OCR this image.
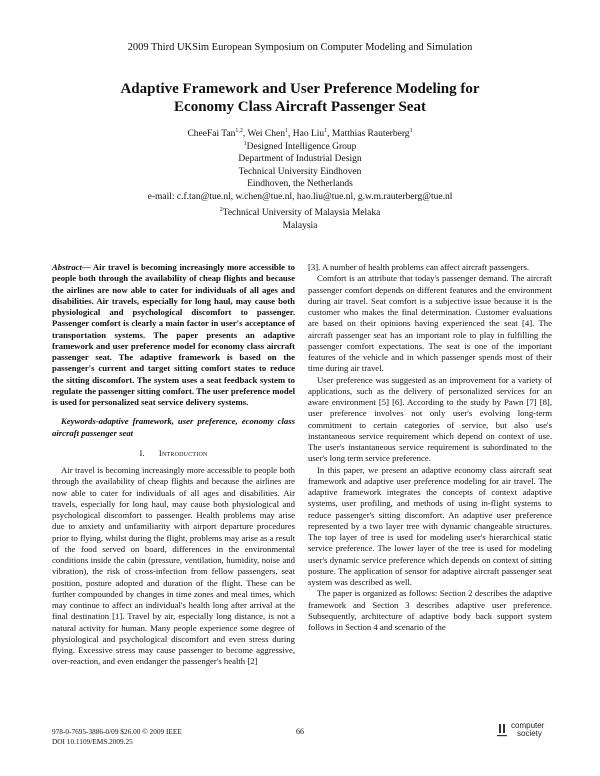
2009 Third UKSim European Symposium on Computer Modeling and Simulation
Adaptive Framework and User Preference Modeling for
Economy Class Aircraft Passenger Seat
CheeFai Tan$^{1,2}$, Wei Chen$^1$, Hao Liu$^1$, Matthias Rauterberg$^1$
$^1$Designed Intelligence Group
Department of Industrial Design
Technical University Eindhoven
Eindhoven, the Netherlands
e-mail: c.f.tan@tue.nl, w.chen@tue.nl, hao.liu@tue.nl, g.w.m.rauterberg@tue.nl
$^2$Technical University of Malaysia Melaka
Malaysia

Abstract— Air travel is becoming increasingly more accessible to people both through the availability of cheap flights and because the airlines are now able to cater for individuals of all ages and disabilities. Air travels, especially for long haul, may cause both physiological and psychological discomfort to passenger. Passenger comfort is clearly a main factor in user's acceptance of transportation systems. The paper presents an adaptive framework and user preference model for economy class aircraft passenger seat. The adaptive framework is based on the passenger's current and target sitting comfort states to reduce the sitting discomfort. The system uses a seat feedback system to regulate the passenger sitting comfort. The user preference model is used for personalized seat service delivery systems.

Keywords-adaptive framework, user preference, economy class aircraft passenger seat

I. Introduction

Air travel is becoming increasingly more accessible to people both through the availability of cheap flights and because the airlines are now able to cater for individuals of all ages and disabilities. Air travels, especially for long haul, may cause both physiological and psychological discomfort to passenger. Health problems may arise due to anxiety and unfamiliarity with airport departure procedures prior to flying, whilst during the flight, problems may arise as a result of the food served on board, differences in the environmental conditions inside the cabin (pressure, ventilation, humidity, noise and vibration), the risk of cross-infection from fellow passengers, seat position, posture adopted and duration of the flight. These can be further compounded by changes in time zones and meal times, which may continue to affect an individual's health long after arrival at the final destination [1]. Travel by air, especially long distance, is not a natural activity for human. Many people experience some degree of physiological and psychological discomfort and even stress during flying. Excessive stress may cause passenger to become aggressive, over-reaction, and even endanger the passenger's health [2]

[3]. A number of health problems can affect aircraft passengers.

Comfort is an attribute that today's passenger demand. The aircraft passenger comfort depends on different features and the environment during air travel. Seat comfort is a subjective issue because it is the customer who makes the final determination. Customer evaluations are based on their opinions having experienced the seat [4]. The aircraft passenger seat has an important role to play in fulfilling the passenger comfort expectations. The seat is one of the important features of the vehicle and in which passenger spends most of their time during air travel.

User preference was suggested as an improvement for a variety of applications, such as the delivery of personalized services for an aware environment [5] [6]. According to the study by Pawn [7] [8], user preference involves not only user's evolving long-term commitment to certain categories of service, but also use's instantaneous service requirement which depend on context of use. The user's instantaneous service requirement is subordinated to the user's long term service preference.

In this paper, we present an adaptive economy class aircraft seat framework and adaptive user preference modeling for air travel. The adaptive framework integrates the concepts of context adaptive systems, user profiling, and methods of using in-flight systems to reduce passenger's sitting discomfort. An adaptive user preference represented by a two layer tree with dynamic changeable structures. The top layer of tree is used for modeling user's hierarchical static service preference. The lower layer of the tree is used for modeling user's dynamic service preference which depends on context of sitting posture. The application of sensor for adaptive aircraft passenger seat system was described as well.

The paper is organized as follows: Section 2 describes the adaptive framework and Section 3 describes adaptive user preference. Subsequently, architecture of adaptive body back support system follows in Section 4 and scenario of the

978-0-7695-3886-0/09 $26.00 © 2009 IEEE
DOI 10.1109/EMS.2009.25
66
computer
society
